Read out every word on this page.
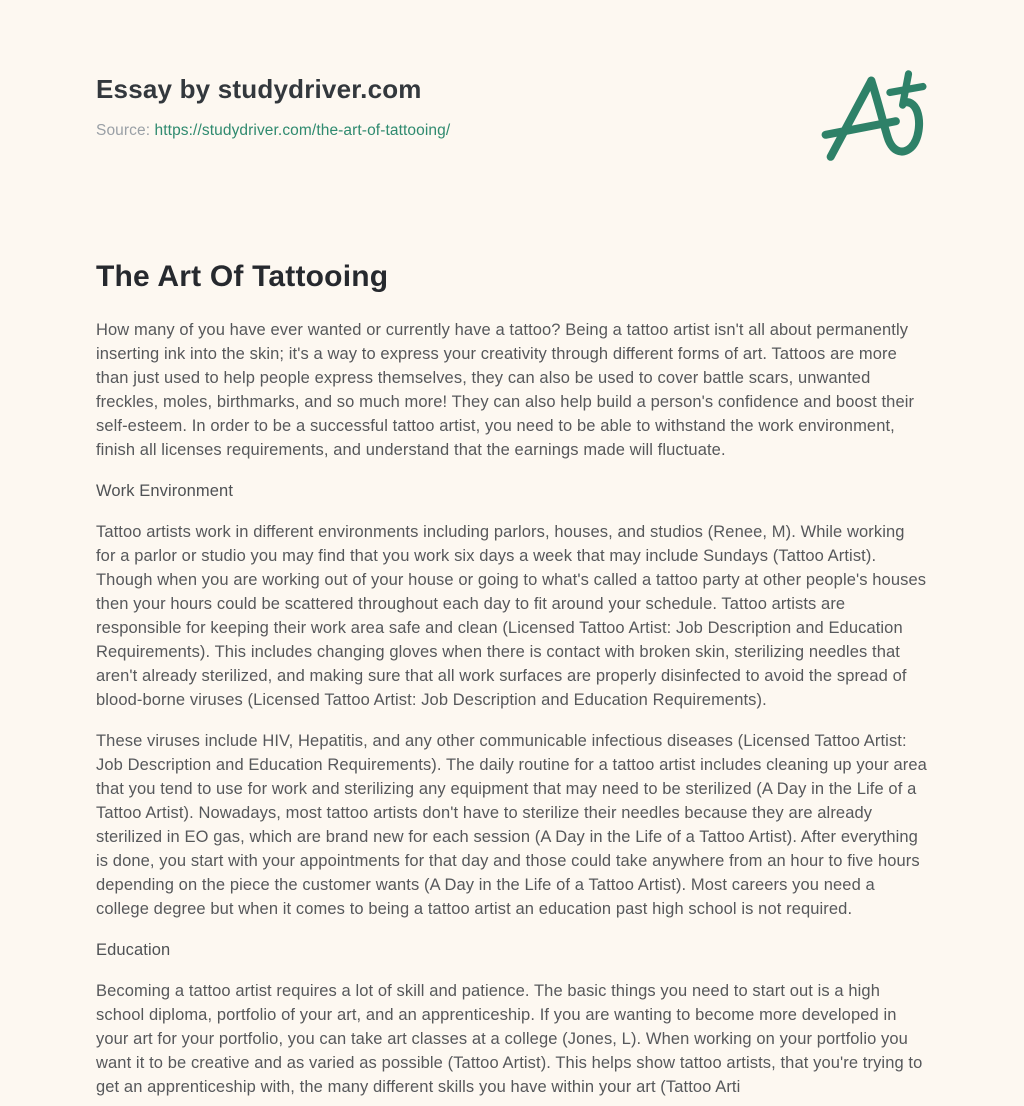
Essay by studydriver.com
Source: https://studydriver.com/the-art-of-tattooing/
The Art Of Tattooing

How many of you have ever wanted or currently have a tattoo? Being a tattoo artist isn't all about permanently inserting ink into the skin; it's a way to express your creativity through different forms of art. Tattoos are more than just used to help people express themselves, they can also be used to cover battle scars, unwanted freckles, moles, birthmarks, and so much more! They can also help build a person's confidence and boost their self-esteem. In order to be a successful tattoo artist, you need to be able to withstand the work environment, finish all licenses requirements, and understand that the earnings made will fluctuate.

Work Environment

Tattoo artists work in different environments including parlors, houses, and studios (Renee, M). While working for a parlor or studio you may find that you work six days a week that may include Sundays (Tattoo Artist). Though when you are working out of your house or going to what's called a tattoo party at other people's houses then your hours could be scattered throughout each day to fit around your schedule. Tattoo artists are responsible for keeping their work area safe and clean (Licensed Tattoo Artist: Job Description and Education Requirements). This includes changing gloves when there is contact with broken skin, sterilizing needles that aren't already sterilized, and making sure that all work surfaces are properly disinfected to avoid the spread of blood-borne viruses (Licensed Tattoo Artist: Job Description and Education Requirements).

These viruses include HIV, Hepatitis, and any other communicable infectious diseases (Licensed Tattoo Artist: Job Description and Education Requirements). The daily routine for a tattoo artist includes cleaning up your area that you tend to use for work and sterilizing any equipment that may need to be sterilized (A Day in the Life of a Tattoo Artist). Nowadays, most tattoo artists don't have to sterilize their needles because they are already sterilized in EO gas, which are brand new for each session (A Day in the Life of a Tattoo Artist). After everything is done, you start with your appointments for that day and those could take anywhere from an hour to five hours depending on the piece the customer wants (A Day in the Life of a Tattoo Artist). Most careers you need a college degree but when it comes to being a tattoo artist an education past high school is not required.

Education

Becoming a tattoo artist requires a lot of skill and patience. The basic things you need to start out is a high school diploma, portfolio of your art, and an apprenticeship. If you are wanting to become more developed in your art for your portfolio, you can take art classes at a college (Jones, L). When working on your portfolio you want it to be creative and as varied as possible (Tattoo Artist). This helps show tattoo artists, that you're trying to get an apprenticeship with, the many different skills you have within your art (Tattoo Arti
